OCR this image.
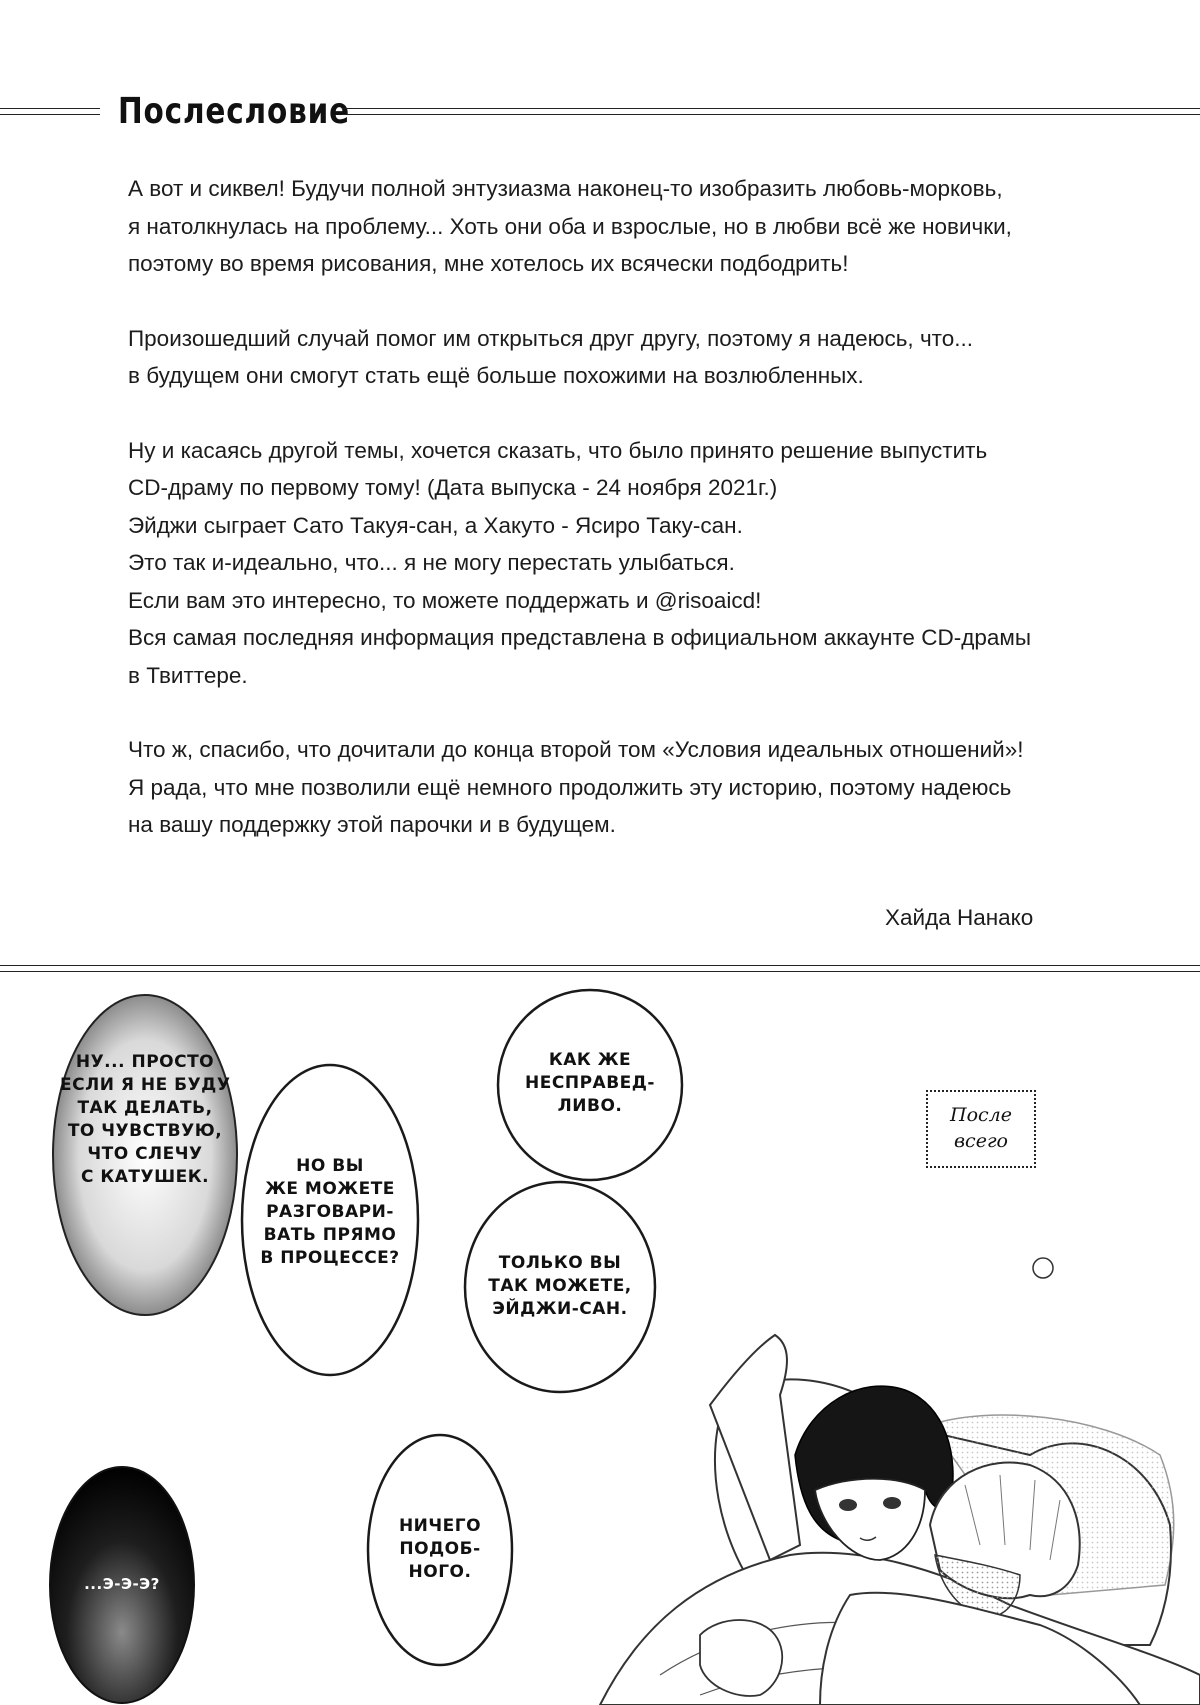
Послесловие

А вот и сиквел! Будучи полной энтузиазма наконец-то изобразить любовь-морковь,
я натолкнулась на проблему... Хоть они оба и взрослые, но в любви всё же новички,
поэтому во время рисования, мне хотелось их всячески подбодрить!

Произошедший случай помог им открыться друг другу, поэтому я надеюсь, что...
в будущем они смогут стать ещё больше похожими на возлюбленных.

Ну и касаясь другой темы, хочется сказать, что было принято решение выпустить
CD-драму по первому тому! (Дата выпуска - 24 ноября 2021г.)
Эйджи сыграет Сато Такуя-сан, а Хакуто - Ясиро Таку-сан.
Это так и-идеально, что... я не могу перестать улыбаться.
Если вам это интересно, то можете поддержать и @risoaicd!
Вся самая последняя информация представлена в официальном аккаунте CD-драмы
в Твиттере.

Что ж, спасибо, что дочитали до конца второй том «Условия идеальных отношений»!
Я рада, что мне позволили ещё немного продолжить эту историю, поэтому надеюсь
на вашу поддержку этой парочки и в будущем.

Хайда Нанако
После
всего
НУ... ПРОСТО
ЕСЛИ Я НЕ БУДУ
ТАК ДЕЛАТЬ,
ТО ЧУВСТВУЮ,
ЧТО СЛЕЧУ
С КАТУШЕК.
НО ВЫ
ЖЕ МОЖЕТЕ
РАЗГОВАРИ-
ВАТЬ ПРЯМО
В ПРОЦЕССЕ?
КАК ЖЕ
НЕСПРАВЕД-
ЛИВО.
ТОЛЬКО ВЫ
ТАК МОЖЕТЕ,
ЭЙДЖИ-САН.
НИЧЕГО
ПОДОБ-
НОГО.
...Э-Э-Э?
